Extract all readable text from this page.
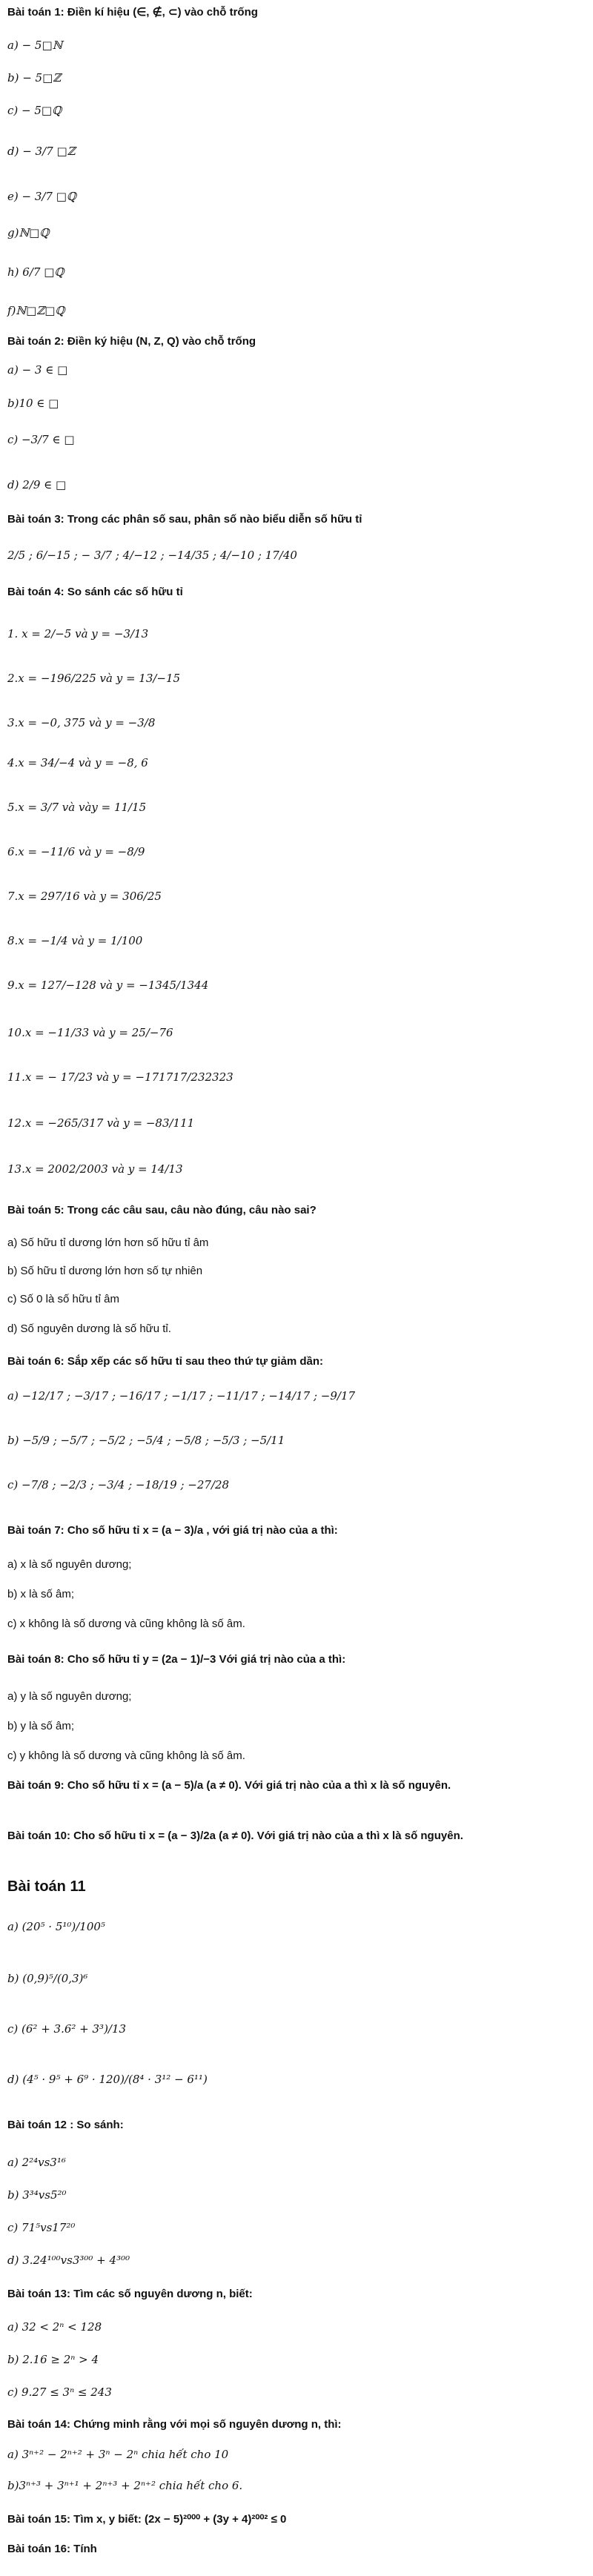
Bài toán 1: Điền kí hiệu (∈, ∉, ⊂) vào chỗ trống
a) − 5□ℕ
b) − 5□ℤ
c) − 5□ℚ
d) − 3/7 □ℤ
e) − 3/7 □ℚ
g)ℕ□ℚ
h) 6/7 □ℚ
f)ℕ□ℤ□ℚ
Bài toán 2: Điền ký hiệu (N, Z, Q) vào chỗ trống
a) − 3 ∈ □
b)10 ∈ □
c) −3/7 ∈ □
d) 2/9 ∈ □
Bài toán 3: Trong các phân số sau, phân số nào biểu diễn số hữu tỉ
2/5 ; 6/−15 ; − 3/7 ; 4/−12 ; −14/35 ; 4/−10 ; 17/40
Bài toán 4: So sánh các số hữu tỉ
1. x = 2/−5 và y = −3/13
2.x = −196/225 và y = 13/−15
3.x = −0, 375 và y = −3/8
4.x = 34/−4 và y = −8, 6
5.x = 3/7 và vày = 11/15
6.x = −11/6 và y = −8/9
7.x = 297/16 và y = 306/25
8.x = −1/4 và y = 1/100
9.x = 127/−128 và y = −1345/1344
10.x = −11/33 và y = 25/−76
11.x = − 17/23 và y = −171717/232323
12.x = −265/317 và y = −83/111
13.x = 2002/2003 và y = 14/13
Bài toán 5: Trong các câu sau, câu nào đúng, câu nào sai?
a) Số hữu tỉ dương lớn hơn số hữu tỉ âm
b) Số hữu tỉ dương lớn hơn số tự nhiên
c) Số 0 là số hữu tỉ âm
d) Số nguyên dương là số hữu tỉ.
Bài toán 6: Sắp xếp các số hữu tỉ sau theo thứ tự giảm dần:
a) −12/17 ; −3/17 ; −16/17 ; −1/17 ; −11/17 ; −14/17 ; −9/17
b) −5/9 ; −5/7 ; −5/2 ; −5/4 ; −5/8 ; −5/3 ; −5/11
c) −7/8 ; −2/3 ; −3/4 ; −18/19 ; −27/28
Bài toán 7: Cho số hữu tỉ x = (a − 3)/a , với giá trị nào của a thì:
a) x là số nguyên dương;
b) x là số âm;
c) x không là số dương và cũng không là số âm.
Bài toán 8: Cho số hữu tỉ y = (2a − 1)/−3 Với giá trị nào của a thì:
a) y là số nguyên dương;
b) y là số âm;
c) y không là số dương và cũng không là số âm.
Bài toán 9: Cho số hữu tỉ x = (a − 5)/a (a ≠ 0). Với giá trị nào của a thì x là số nguyên.
Bài toán 10: Cho số hữu tỉ x = (a − 3)/2a (a ≠ 0). Với giá trị nào của a thì x là số nguyên.
Bài toán 11
a) (20⁵ · 5¹⁰)/100⁵
b) (0,9)⁵/(0,3)⁶
c) (6² + 3.6² + 3³)/13
d) (4⁵ · 9⁵ + 6⁹ · 120)/(8⁴ · 3¹² − 6¹¹)
Bài toán 12 : So sánh:
a) 2²⁴vs3¹⁶
b) 3³⁴vs5²⁰
c) 71⁵vs17²⁰
d) 3.24¹⁰⁰vs3³⁰⁰ + 4³⁰⁰
Bài toán 13: Tìm các số nguyên dương n, biết:
a) 32 < 2ⁿ < 128
b) 2.16 ≥ 2ⁿ > 4
c) 9.27 ≤ 3ⁿ ≤ 243
Bài toán 14: Chứng minh rằng với mọi số nguyên dương n, thì:
a) 3ⁿ⁺² − 2ⁿ⁺² + 3ⁿ − 2ⁿ chia hết cho 10
b)3ⁿ⁺³ + 3ⁿ⁺¹ + 2ⁿ⁺³ + 2ⁿ⁺² chia hết cho 6.
Bài toán 15: Tìm x, y biết: (2x − 5)²⁰⁰⁰ + (3y + 4)²⁰⁰² ≤ 0
Bài toán 16: Tính
